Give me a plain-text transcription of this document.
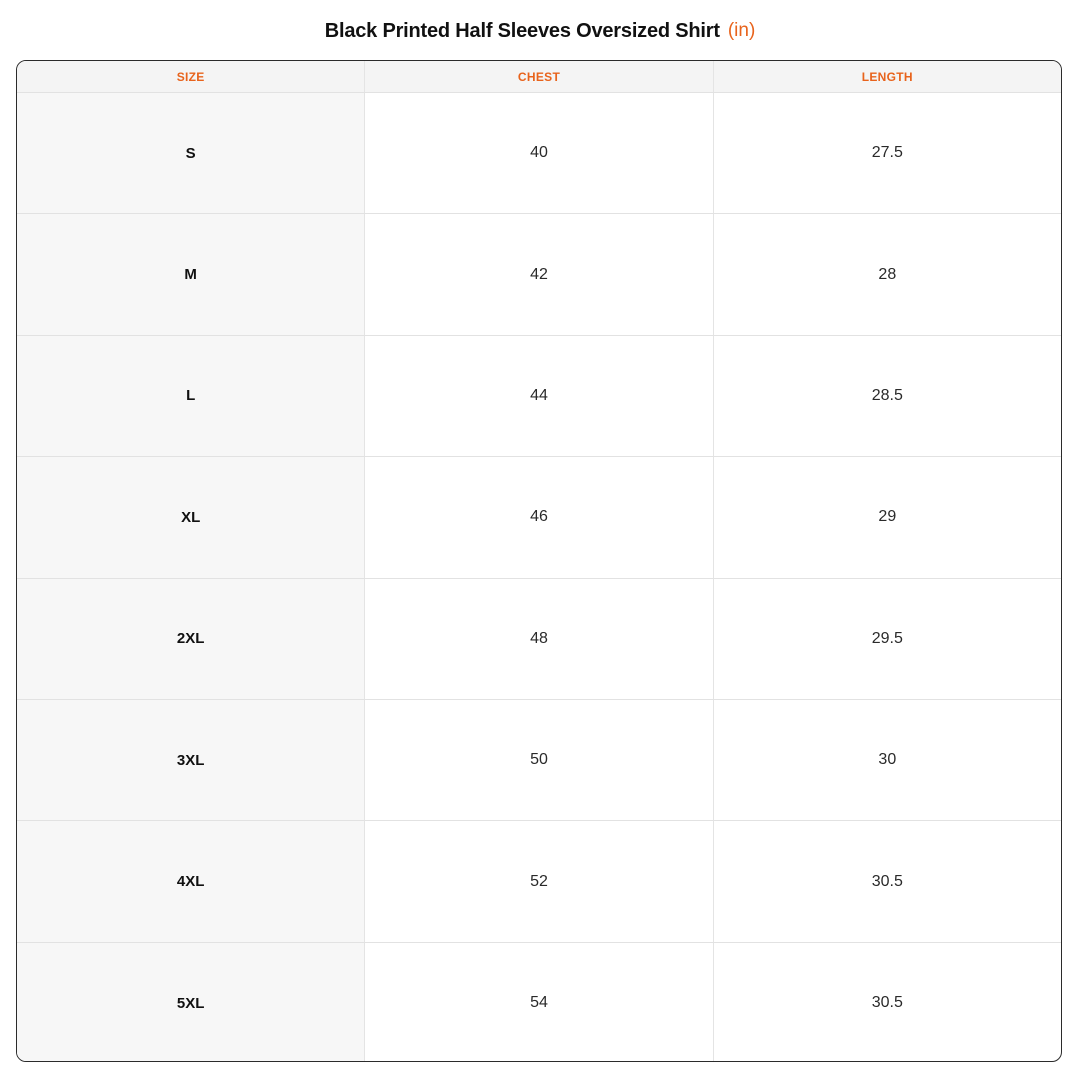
Black Printed Half Sleeves Oversized Shirt (in)
SIZE	CHEST	LENGTH
S	40	27.5
M	42	28
L	44	28.5
XL	46	29
2XL	48	29.5
3XL	50	30
4XL	52	30.5
5XL	54	30.5
